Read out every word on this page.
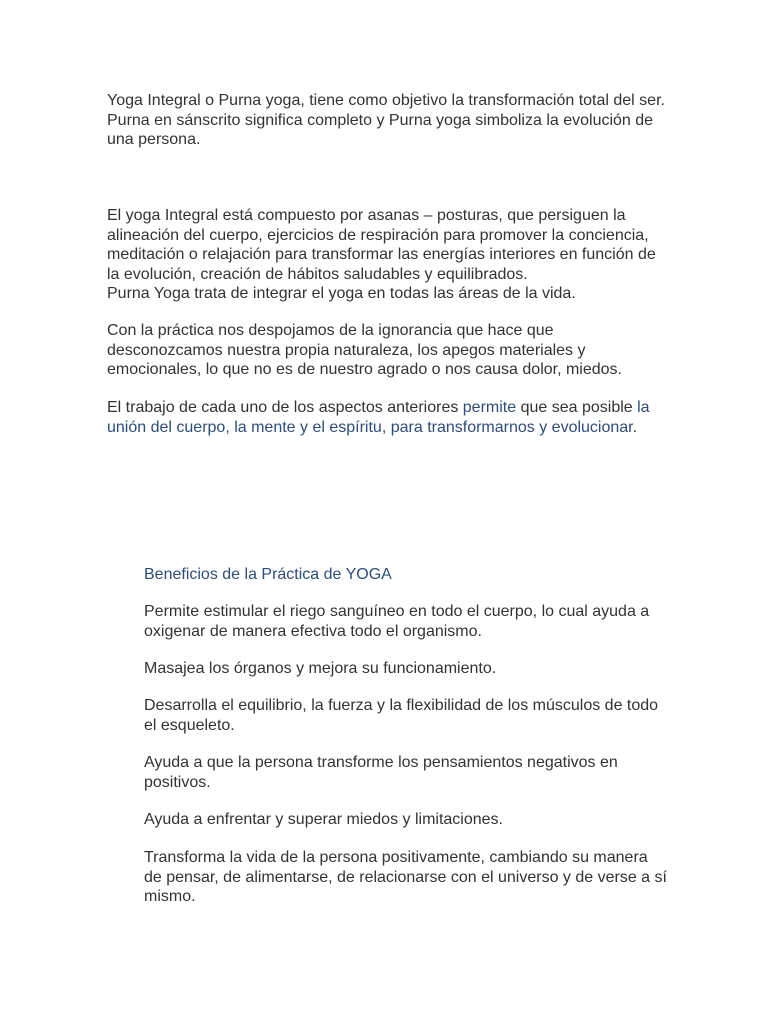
Yoga Integral o Purna yoga, tiene como objetivo la transformación total del ser.

Purna en sánscrito significa completo y Purna yoga simboliza la evolución de una persona.

El yoga Integral está compuesto por asanas – posturas, que persiguen la alineación del cuerpo, ejercicios de respiración para promover la conciencia, meditación o relajación para transformar las energías interiores en función de la evolución, creación de hábitos saludables y equilibrados.

Purna Yoga trata de integrar el yoga en todas las áreas de la vida.

Con la práctica nos despojamos de la ignorancia que hace que desconozcamos nuestra propia naturaleza, los apegos materiales y emocionales, lo que no es de nuestro agrado o nos causa dolor, miedos.

El trabajo de cada uno de los aspectos anteriores permite que sea posible la unión del cuerpo, la mente y el espíritu, para transformarnos y evolucionar.

Beneficios de la Práctica de YOGA

Permite estimular el riego sanguíneo en todo el cuerpo, lo cual ayuda a oxigenar de manera efectiva todo el organismo.

Masajea los órganos y mejora su funcionamiento.

Desarrolla el equilibrio, la fuerza y la flexibilidad de los músculos de todo el esqueleto.

Ayuda a que la persona transforme los pensamientos negativos en positivos.

Ayuda a enfrentar y superar miedos y limitaciones.

Transforma la vida de la persona positivamente, cambiando su manera de pensar, de alimentarse, de relacionarse con el universo y de verse a sí mismo.
